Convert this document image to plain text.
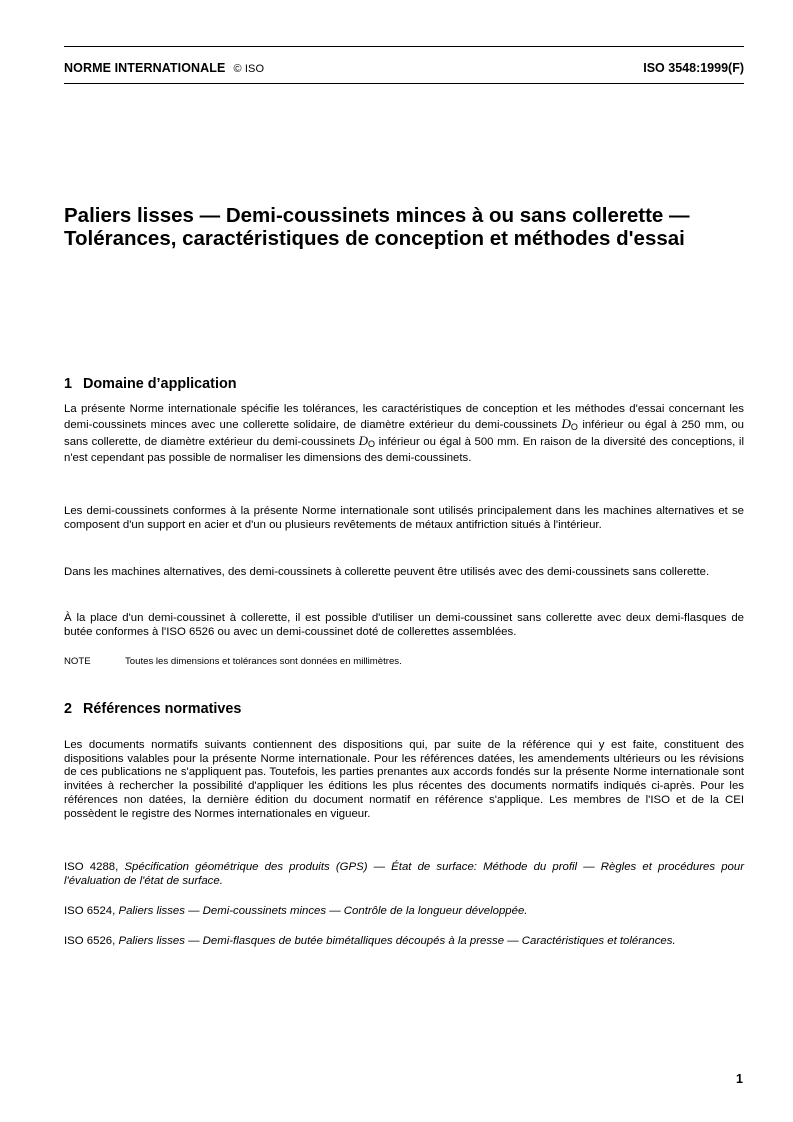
NORME INTERNATIONALE © ISO	ISO 3548:1999(F)
Paliers lisses — Demi-coussinets minces à ou sans collerette —
Tolérances, caractéristiques de conception et méthodes d'essai
1 Domaine d’application

La présente Norme internationale spécifie les tolérances, les caractéristiques de conception et les méthodes d'essai concernant les demi-coussinets minces avec une collerette solidaire, de diamètre extérieur du demi-coussinets $D_O$ inférieur ou égal à 250 mm, ou sans collerette, de diamètre extérieur du demi-coussinets $D_O$ inférieur ou égal à 500 mm. En raison de la diversité des conceptions, il n'est cependant pas possible de normaliser les dimensions des demi-coussinets.

Les demi-coussinets conformes à la présente Norme internationale sont utilisés principalement dans les machines alternatives et se composent d'un support en acier et d'un ou plusieurs revêtements de métaux antifriction situés à l'intérieur.

Dans les machines alternatives, des demi-coussinets à collerette peuvent être utilisés avec des demi-coussinets sans collerette.

À la place d'un demi-coussinet à collerette, il est possible d'utiliser un demi-coussinet sans collerette avec deux demi-flasques de butée conformes à l'ISO 6526 ou avec un demi-coussinet doté de collerettes assemblées.

NOTE	Toutes les dimensions et tolérances sont données en millimètres.

2 Références normatives

Les documents normatifs suivants contiennent des dispositions qui, par suite de la référence qui y est faite, constituent des dispositions valables pour la présente Norme internationale. Pour les références datées, les amendements ultérieurs ou les révisions de ces publications ne s'appliquent pas. Toutefois, les parties prenantes aux accords fondés sur la présente Norme internationale sont invitées à rechercher la possibilité d'appliquer les éditions les plus récentes des documents normatifs indiqués ci-après. Pour les références non datées, la dernière édition du document normatif en référence s'applique. Les membres de l'ISO et de la CEI possèdent le registre des Normes internationales en vigueur.

ISO 4288, Spécification géométrique des produits (GPS) — État de surface: Méthode du profil — Règles et procédures pour l'évaluation de l'état de surface.

ISO 6524, Paliers lisses — Demi-coussinets minces — Contrôle de la longueur développée.

ISO 6526, Paliers lisses — Demi-flasques de butée bimétalliques découpés à la presse — Caractéristiques et tolérances.

1
